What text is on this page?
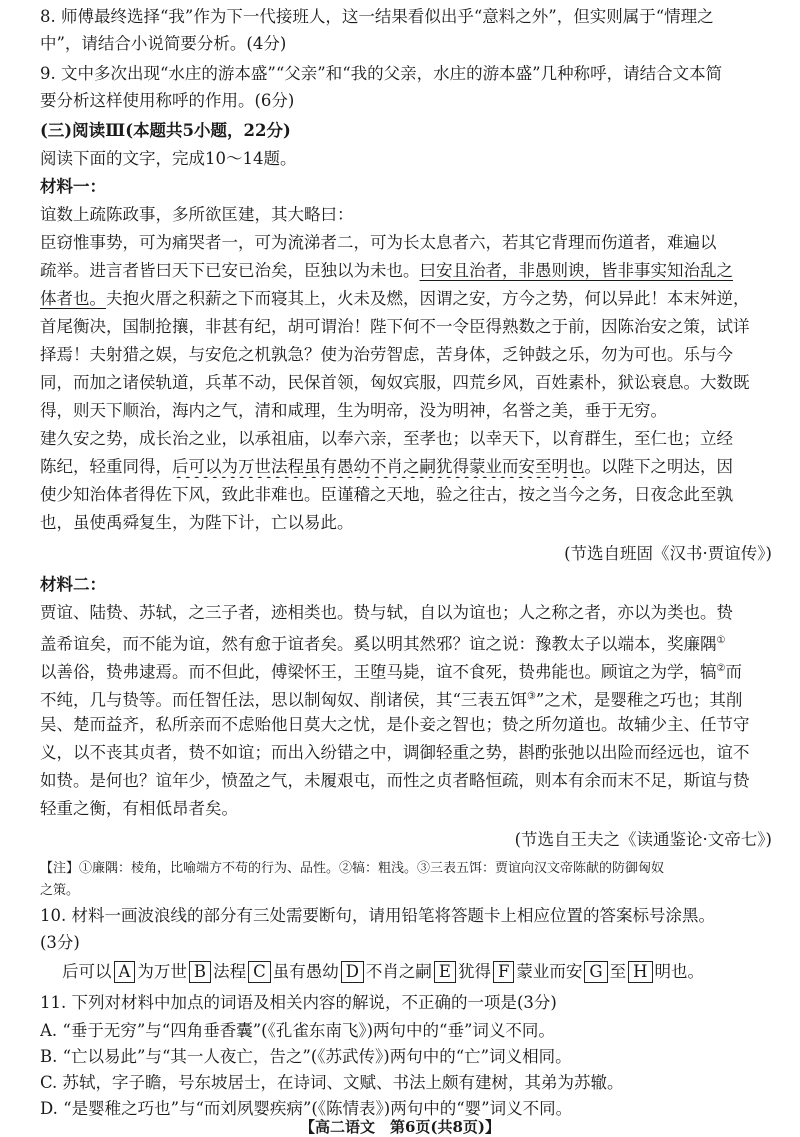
8. 师傅最终选择“我”作为下一代接班人，这一结果看似出乎“意料之外”，但实则属于“情理之
中”，请结合小说简要分析。(4分)
9. 文中多次出现“水庄的游本盛”“父亲”和“我的父亲，水庄的游本盛”几种称呼，请结合文本简
要分析这样使用称呼的作用。(6分)
(三)阅读Ⅲ(本题共5小题，22分)
阅读下面的文字，完成10～14题。
材料一：
谊数上疏陈政事，多所欲匡建，其大略曰：
臣窃惟事势，可为痛哭者一，可为流涕者二，可为长太息者六，若其它背理而伤道者，难遍以
疏举。进言者皆曰天下已安已治矣，臣独以为未也。曰安且治者，非愚则谀，皆非事实知治乱之
体者也。夫抱火厝之积薪之下而寝其上，火未及燃，因谓之安，方今之势，何以异此！本末舛逆，
首尾衡决，国制抢攘，非甚有纪，胡可谓治！陛下何不一令臣得熟数之于前，因陈治安之策，试详
择焉！夫射猎之娱，与安危之机孰急？使为治劳智虑，苦身体，乏钟鼓之乐，勿为可也。乐与今
同，而加之诸侯轨道，兵革不动，民保首领，匈奴宾服，四荒乡风，百姓素朴，狱讼衰息。大数既
得，则天下顺治，海内之气，清和咸理，生为明帝，没为明神，名誉之美，垂于无穷。
建久安之势，成长治之业，以承祖庙，以奉六亲，至孝也；以幸天下，以育群生，至仁也；立经
陈纪，轻重同得，后可以为万世法程虽有愚幼不肖之嗣犹得蒙业而安至明也。以陛下之明达，因
使少知治体者得佐下风，致此非难也。臣谨稽之天地，验之往古，按之当今之务，日夜念此至孰
也，虽使禹舜复生，为陛下计，亡以易此。
(节选自班固《汉书·贾谊传》)
材料二：
贾谊、陆贽、苏轼，之三子者，迹相类也。贽与轼，自以为谊也；人之称之者，亦以为类也。贽
盖希谊矣，而不能为谊，然有愈于谊者矣。奚以明其然邪？谊之说：豫教太子以端本，奖廉隅①
以善俗，贽弗逮焉。而不但此，傅梁怀王，王堕马毙，谊不食死，贽弗能也。顾谊之为学，犒②而
不纯，几与贽等。而任智任法，思以制匈奴、削诸侯，其“三表五饵③”之术，是婴稚之巧也；其削
吴、楚而益齐，私所亲而不虑贻他日莫大之忧，是仆妾之智也；贽之所勿道也。故辅少主、任节守
义，以不丧其贞者，贽不如谊；而出入纷错之中，调御轻重之势，斟酌张弛以出险而经远也，谊不
如贽。是何也？谊年少，愤盈之气，未履艰屯，而性之贞者略恒疏，则本有余而末不足，斯谊与贽
轻重之衡，有相低昂者矣。
(节选自王夫之《读通鉴论·文帝七》)
【注】①廉隅：棱角，比喻端方不苟的行为、品性。②犒：粗浅。③三表五饵：贾谊向汉文帝陈献的防御匈奴
之策。
10. 材料一画波浪线的部分有三处需要断句，请用铅笔将答题卡上相应位置的答案标号涂黑。
(3分)
后可以 A 为万世 B 法程 C 虽有愚幼 D 不肖之嗣 E 犹得 F 蒙业而安 G 至 H 明也。
11. 下列对材料中加点的词语及相关内容的解说，不正确的一项是(3分)
A. “垂于无穷”与“四角垂香囊”(《孔雀东南飞》)两句中的“垂”词义不同。
B. “亡以易此”与“其一人夜亡，告之”(《苏武传》)两句中的“亡”词义相同。
C. 苏轼，字子瞻，号东坡居士，在诗词、文赋、书法上颇有建树，其弟为苏辙。
D. “是婴稚之巧也”与“而刘夙婴疾病”(《陈情表》)两句中的“婴”词义不同。
【高二语文　第6页(共8页)】
